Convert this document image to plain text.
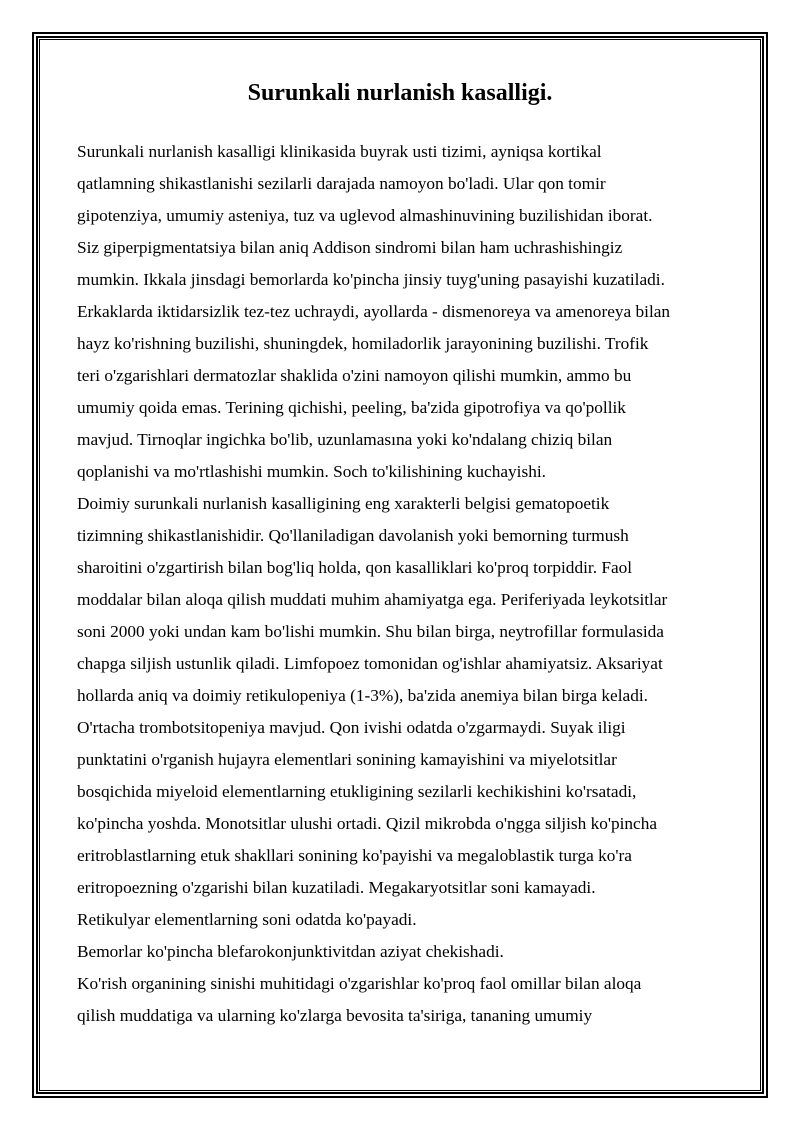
Surunkali nurlanish kasalligi.
Surunkali nurlanish kasalligi klinikasida buyrak usti tizimi, ayniqsa kortikal
qatlamning shikastlanishi sezilarli darajada namoyon bo'ladi. Ular qon tomir
gipotenziya, umumiy asteniya, tuz va uglevod almashinuvining buzilishidan iborat.
Siz giperpigmentatsiya bilan aniq Addison sindromi bilan ham uchrashishingiz
mumkin. Ikkala jinsdagi bemorlarda ko'pincha jinsiy tuyg'uning pasayishi kuzatiladi.
Erkaklarda iktidarsizlik tez-tez uchraydi, ayollarda - dismenoreya va amenoreya bilan
hayz ko'rishning buzilishi, shuningdek, homiladorlik jarayonining buzilishi. Trofik
teri o'zgarishlari dermatozlar shaklida o'zini namoyon qilishi mumkin, ammo bu
umumiy qoida emas. Terining qichishi, peeling, ba'zida gipotrofiya va qo'pollik
mavjud. Tirnoqlar ingichka bo'lib, uzunlamasına yoki ko'ndalang chiziq bilan
qoplanishi va mo'rtlashishi mumkin. Soch to'kilishining kuchayishi.
Doimiy surunkali nurlanish kasalligining eng xarakterli belgisi gematopoetik
tizimning shikastlanishidir. Qo'llaniladigan davolanish yoki bemorning turmush
sharoitini o'zgartirish bilan bog'liq holda, qon kasalliklari ko'proq torpiddir. Faol
moddalar bilan aloqa qilish muddati muhim ahamiyatga ega. Periferiyada leykotsitlar
soni 2000 yoki undan kam bo'lishi mumkin. Shu bilan birga, neytrofillar formulasida
chapga siljish ustunlik qiladi. Limfopoez tomonidan og'ishlar ahamiyatsiz. Aksariyat
hollarda aniq va doimiy retikulopeniya (1-3%), ba'zida anemiya bilan birga keladi.
O'rtacha trombotsitopeniya mavjud. Qon ivishi odatda o'zgarmaydi. Suyak iligi
punktatini o'rganish hujayra elementlari sonining kamayishini va miyelotsitlar
bosqichida miyeloid elementlarning etukligining sezilarli kechikishini ko'rsatadi,
ko'pincha yoshda. Monotsitlar ulushi ortadi. Qizil mikrobda o'ngga siljish ko'pincha
eritroblastlarning etuk shakllari sonining ko'payishi va megaloblastik turga ko'ra
eritropoezning o'zgarishi bilan kuzatiladi. Megakaryotsitlar soni kamayadi.
Retikulyar elementlarning soni odatda ko'payadi.
Bemorlar ko'pincha blefarokonjunktivitdan aziyat chekishadi.
Ko'rish organining sinishi muhitidagi o'zgarishlar ko'proq faol omillar bilan aloqa
qilish muddatiga va ularning ko'zlarga bevosita ta'siriga, tananing umumiy
